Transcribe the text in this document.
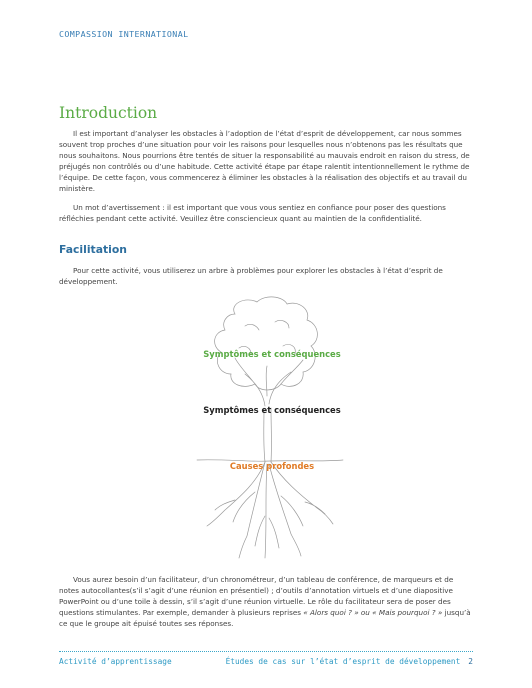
COMPASSION INTERNATIONAL
Introduction

Il est important d’analyser les obstacles à l’adoption de l’état d’esprit de développement, car nous sommes souvent trop proches d’une situation pour voir les raisons pour lesquelles nous n’obtenons pas les résultats que nous souhaitons. Nous pourrions être tentés de situer la responsabilité au mauvais endroit en raison du stress, de préjugés non contrôlés ou d’une habitude. Cette activité étape par étape ralentit intentionnellement le rythme de l’équipe. De cette façon, vous commencerez à éliminer les obstacles à la réalisation des objectifs et au travail du ministère.

Un mot d’avertissement : il est important que vous vous sentiez en confiance pour poser des questions réfléchies pendant cette activité. Veuillez être consciencieux quant au maintien de la confidentialité.

Facilitation

Pour cette activité, vous utiliserez un arbre à problèmes pour explorer les obstacles à l’état d’esprit de développement.

Symptômes et conséquences
Symptômes et conséquences
Causes profondes

Vous aurez besoin d’un facilitateur, d’un chronométreur, d’un tableau de conférence, de marqueurs et de notes autocollantes(s’il s’agit d’une réunion en présentiel) ; d’outils d’annotation virtuels et d’une diapositive PowerPoint ou d’une toile à dessin, s’il s’agit d’une réunion virtuelle. Le rôle du facilitateur sera de poser des questions stimulantes. Par exemple, demander à plusieurs reprises « Alors quoi ? » ou « Mais pourquoi ? » jusqu’à ce que le groupe ait épuisé toutes ses réponses.

Activité d’apprentissage	Études de cas sur l’état d’esprit de développement 2
